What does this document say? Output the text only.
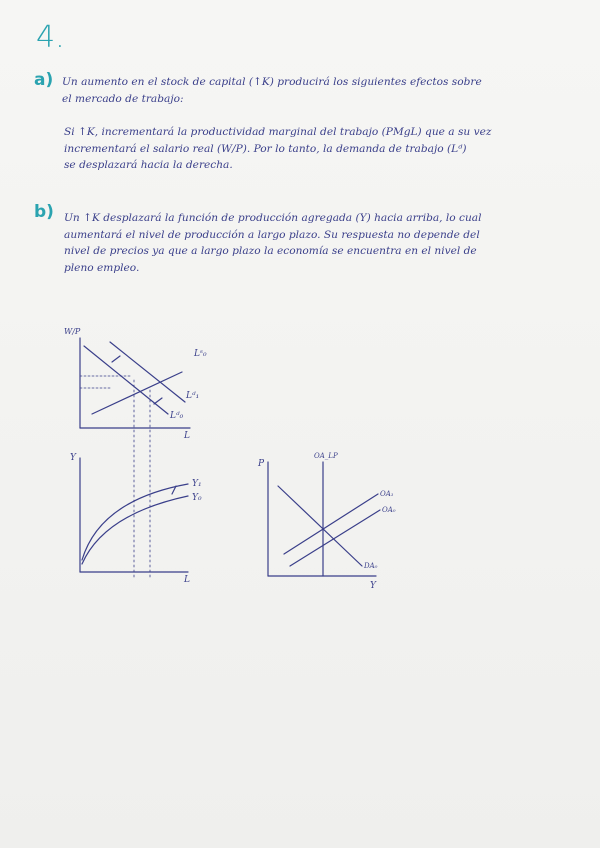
4.
a) Un aumento en el stock de capital (↑K) producirá los siguientes efectos sobre
el mercado de trabajo:
Si ↑K, incrementará la productividad marginal del trabajo (PMgL) que a su vez
incrementará el salario real (W/P). Por lo tanto, la demanda de trabajo (Lᵈ)
se desplazará hacia la derecha.
b) Un ↑K desplazará la función de producción agregada (Y) hacia arriba, lo cual
aumentará el nivel de producción a largo plazo. Su respuesta no depende del
nivel de precios ya que a largo plazo la economía se encuentra en el nivel de
pleno empleo.
W/P
L
Lˢ₀
Lᵈ₁
Lᵈ₀
Y
L
Y₁
Y₀
P
Y
OA_LP
OA₁
OA₀
DA₀
